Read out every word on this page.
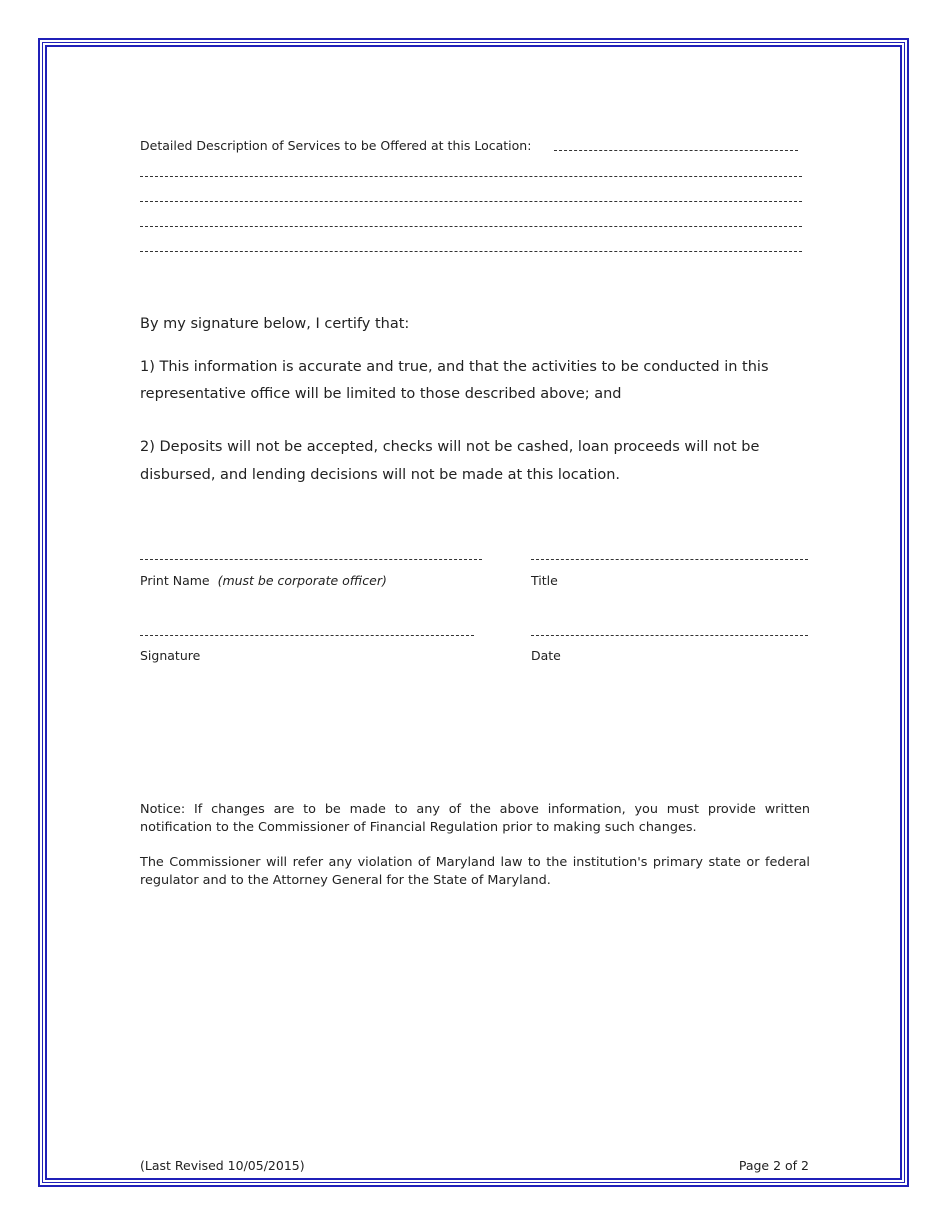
Detailed Description of Services to be Offered at this Location:
By my signature below, I certify that:
1) This information is accurate and true, and that the activities to be conducted in this
representative office will be limited to those described above; and
2) Deposits will not be accepted, checks will not be cashed, loan proceeds will not be
disbursed, and lending decisions will not be made at this location.
Print Name (must be corporate officer)	Title
Signature	Date
Notice: If changes are to be made to any of the above information, you must provide written notification to the Commissioner of Financial Regulation prior to making such changes.
The Commissioner will refer any violation of Maryland law to the institution's primary state or federal regulator and to the Attorney General for the State of Maryland.
(Last Revised 10/05/2015)	Page 2 of 2
